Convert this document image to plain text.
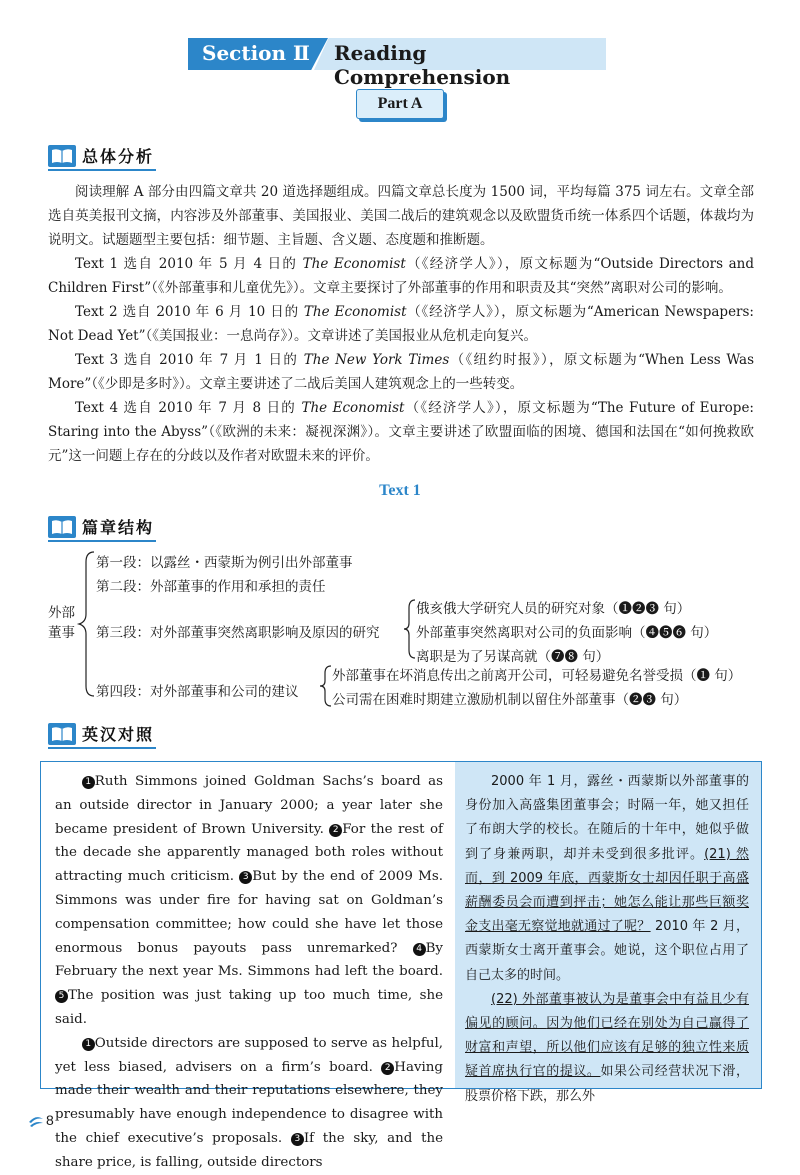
Section Ⅱ Reading Comprehension
Part A
总体分析

阅读理解 A 部分由四篇文章共 20 道选择题组成。四篇文章总长度为 1500 词，平均每篇 375 词左右。文章全部选自英美报刊文摘，内容涉及外部董事、美国报业、美国二战后的建筑观念以及欧盟货币统一体系四个话题，体裁均为说明文。试题题型主要包括：细节题、主旨题、含义题、态度题和推断题。

Text 1 选自 2010 年 5 月 4 日的 The Economist（《经济学人》），原文标题为“Outside Directors and Children First”（《外部董事和儿童优先》）。文章主要探讨了外部董事的作用和职责及其“突然”离职对公司的影响。

Text 2 选自 2010 年 6 月 10 日的 The Economist（《经济学人》），原文标题为“American Newspapers: Not Dead Yet”（《美国报业：一息尚存》）。文章讲述了美国报业从危机走向复兴。

Text 3 选自 2010 年 7 月 1 日的 The New York Times（《纽约时报》），原文标题为“When Less Was More”（《少即是多时》）。文章主要讲述了二战后美国人建筑观念上的一些转变。

Text 4 选自 2010 年 7 月 8 日的 The Economist（《经济学人》），原文标题为“The Future of Europe: Staring into the Abyss”（《欧洲的未来：凝视深渊》）。文章主要讲述了欧盟面临的困境、德国和法国在“如何挽救欧元”这一问题上存在的分歧以及作者对欧盟未来的评价。

Text 1
篇章结构
外部董事
第一段：以露丝・西蒙斯为例引出外部董事
第二段：外部董事的作用和承担的责任
第三段：对外部董事突然离职影响及原因的研究
俄亥俄大学研究人员的研究对象（❶❷❸ 句）
外部董事突然离职对公司的负面影响（❹❺❻ 句）
离职是为了另谋高就（❼❽ 句）
第四段：对外部董事和公司的建议
外部董事在坏消息传出之前离开公司，可轻易避免名誉受损（❶ 句）
公司需在困难时期建立激励机制以留住外部董事（❷❸ 句）
英汉对照

1 Ruth Simmons joined Goldman Sachs’s board as an outside director in January 2000; a year later she became president of Brown University. 2 For the rest of the decade she apparently managed both roles without attracting much criticism. 3 But by the end of 2009 Ms. Simmons was under fire for having sat on Goldman’s compensation committee; how could she have let those enormous bonus payouts pass unremarked? 4 By February the next year Ms. Simmons had left the board. 5 The position was just taking up too much time, she said.

1 Outside directors are supposed to serve as helpful, yet less biased, advisers on a firm’s board. 2 Having made their wealth and their reputations elsewhere, they presumably have enough independence to disagree with the chief executive’s proposals. 3 If the sky, and the share price, is falling, outside directors

2000 年 1 月，露丝・西蒙斯以外部董事的身份加入高盛集团董事会；时隔一年，她又担任了布朗大学的校长。在随后的十年中，她似乎做到了身兼两职，却并未受到很多批评。(21) 然而，到 2009 年底，西蒙斯女士却因任职于高盛薪酬委员会而遭到抨击；她怎么能让那些巨额奖金支出毫无察觉地就通过了呢？ 2010 年 2 月，西蒙斯女士离开董事会。她说，这个职位占用了自己太多的时间。

(22) 外部董事被认为是董事会中有益且少有偏见的顾问。因为他们已经在别处为自己赢得了财富和声望，所以他们应该有足够的独立性来质疑首席执行官的提议。如果公司经营状况下滑，股票价格下跌，那么外

8
